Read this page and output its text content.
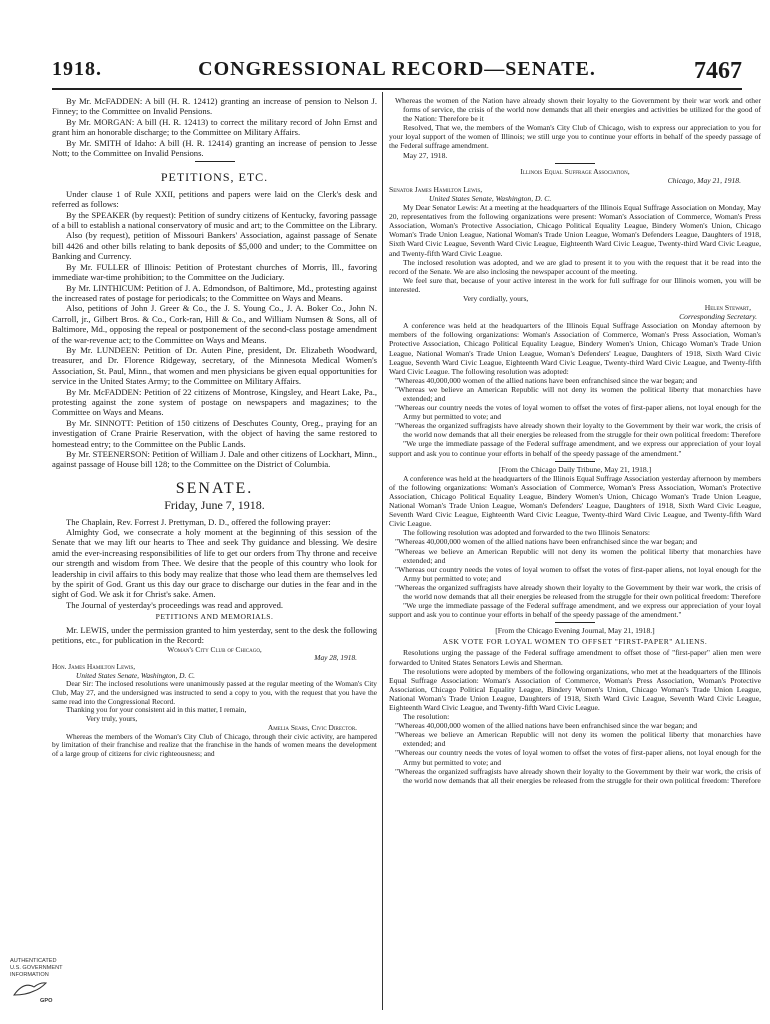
1918.	CONGRESSIONAL RECORD—SENATE.	7467

By Mr. McFADDEN: A bill (H. R. 12412) granting an increase of pension to Nelson J. Finney; to the Committee on Invalid Pensions.

By Mr. MORGAN: A bill (H. R. 12413) to correct the military record of John Ernst and grant him an honorable discharge; to the Committee on Military Affairs.

By Mr. SMITH of Idaho: A bill (H. R. 12414) granting an increase of pension to Jesse Nott; to the Committee on Invalid Pensions.

PETITIONS, ETC.

Under clause 1 of Rule XXII, petitions and papers were laid on the Clerk's desk and referred as follows:

By the SPEAKER (by request): Petition of sundry citizens of Kentucky, favoring passage of a bill to establish a national conservatory of music and art; to the Committee on the Library.

Also (by request), petition of Missouri Bankers' Association, against passage of Senate bill 4426 and other bills relating to bank deposits of $5,000 and under; to the Committee on Banking and Currency.

By Mr. FULLER of Illinois: Petition of Protestant churches of Morris, Ill., favoring immediate war-time prohibition; to the Committee on the Judiciary.

By Mr. LINTHICUM: Petition of J. A. Edmondson, of Baltimore, Md., protesting against the increased rates of postage for periodicals; to the Committee on Ways and Means.

Also, petitions of John J. Greer & Co., the J. S. Young Co., J. A. Boker Co., John N. Carroll, jr., Gilbert Bros. & Co., Cork-ran, Hill & Co., and William Numsen & Sons, all of Baltimore, Md., opposing the repeal or postponement of the second-class postage amendment of the war-revenue act; to the Committee on Ways and Means.

By Mr. LUNDEEN: Petition of Dr. Auten Pine, president, Dr. Elizabeth Woodward, treasurer, and Dr. Florence Ridgeway, secretary, of the Minnesota Medical Women's Association, St. Paul, Minn., that women and men physicians be given equal opportunities for service in the United States Army; to the Committee on Military Affairs.

By Mr. McFADDEN: Petition of 22 citizens of Montrose, Kingsley, and Heart Lake, Pa., protesting against the zone system of postage on newspapers and magazines; to the Committee on Ways and Means.

By Mr. SINNOTT: Petition of 150 citizens of Deschutes County, Oreg., praying for an investigation of Crane Prairie Reservation, with the object of having the same restored to homestead entry; to the Committee on the Public Lands.

By Mr. STEENERSON: Petition of William J. Dale and other citizens of Lockhart, Minn., against passage of House bill 128; to the Committee on the District of Columbia.

SENATE.

Friday, June 7, 1918.

The Chaplain, Rev. Forrest J. Prettyman, D. D., offered the following prayer:

Almighty God, we consecrate a holy moment at the beginning of this session of the Senate that we may lift our hearts to Thee and seek Thy guidance and blessing. We desire amid the ever-increasing responsibilities of life to get our orders from Thy throne and receive our strength and wisdom from Thee. We desire that the people of this country who look for leadership in civil affairs to this body may realize that those who lead them are themselves led by the spirit of God. Grant us this day our grace to discharge our duties in the fear and in the sight of God. We ask it for Christ's sake. Amen.

The Journal of yesterday's proceedings was read and approved.

PETITIONS AND MEMORIALS.

Mr. LEWIS, under the permission granted to him yesterday, sent to the desk the following petitions, etc., for publication in the Record:

Woman's City Club of Chicago,

May 28, 1918.

Hon. James Hamilton Lewis,

United States Senate, Washington, D. C.

Dear Sir: The inclosed resolutions were unanimously passed at the regular meeting of the Woman's City Club, May 27, and the undersigned was instructed to send a copy to you, with the request that you have the same read into the Congressional Record.

Thanking you for your consistent aid in this matter, I remain,

Very truly, yours,

Amelia Sears, Civic Director.

Whereas the members of the Woman's City Club of Chicago, through their civic activity, are hampered by limitation of their franchise and realize that the franchise in the hands of women means the development of a large group of citizens for civic righteousness; and

Whereas the women of the Nation have already shown their loyalty to the Government by their war work and other forms of service, the crisis of the world now demands that all their energies and activities be utilized for the good of the Nation: Therefore be it

Resolved, That we, the members of the Woman's City Club of Chicago, wish to express our appreciation to you for your loyal support of the women of Illinois; we still urge you to continue your efforts in behalf of the speedy passage of the Federal suffrage amendment.

May 27, 1918.

Illinois Equal Suffrage Association,

Chicago, May 21, 1918.

Senator James Hamilton Lewis,

United States Senate, Washington, D. C.

My Dear Senator Lewis: At a meeting at the headquarters of the Illinois Equal Suffrage Association on Monday, May 20, representatives from the following organizations were present: Woman's Association of Commerce, Woman's Press Association, Woman's Protective Association, Chicago Political Equality League, Bindery Women's Union, Chicago Woman's Trade Union League, National Woman's Trade Union League, Woman's Defenders League, Daughters of 1918, Sixth Ward Civic League, Seventh Ward Civic League, Eighteenth Ward Civic League, Twenty-third Ward Civic League, and Twenty-fifth Ward Civic League.

The inclosed resolution was adopted, and we are glad to present it to you with the request that it be read into the record of the Senate. We are also inclosing the newspaper account of the meeting.

We feel sure that, because of your active interest in the work for full suffrage for our Illinois women, you will be interested.

Very cordially, yours,

Helen Stewart,

Corresponding Secretary.

A conference was held at the headquarters of the Illinois Equal Suffrage Association on Monday afternoon by members of the following organizations: Woman's Association of Commerce, Woman's Press Association, Woman's Protective Association, Chicago Political Equality League, Bindery Women's Union, Chicago Woman's Trade Union League, National Woman's Trade Union League, Woman's Defenders' League, Daughters of 1918, Sixth Ward Civic League, Seventh Ward Civic League, Eighteenth Ward Civic League, Twenty-third Ward Civic League, and Twenty-fifth Ward Civic League. The following resolution was adopted:

"Whereas 40,000,000 women of the allied nations have been enfranchised since the war began; and

"Whereas we believe an American Republic will not deny its women the political liberty that monarchies have extended; and

"Whereas our country needs the votes of loyal women to offset the votes of first-paper aliens, not loyal enough for the Army but permitted to vote; and

"Whereas the organized suffragists have already shown their loyalty to the Government by their war work, the crisis of the world now demands that all their energies be released from the struggle for their own political freedom: Therefore

"We urge the immediate passage of the Federal suffrage amendment, and we express our appreciation of your loyal support and ask you to continue your efforts in behalf of the speedy passage of the amendment."

[From the Chicago Daily Tribune, May 21, 1918.]

A conference was held at the headquarters of the Illinois Equal Suffrage Association yesterday afternoon by members of the following organizations: Woman's Association of Commerce, Woman's Press Association, Woman's Protective Association, Chicago Political Equality League, Bindery Women's Union, Chicago Woman's Trade Union League, National Woman's Trade Union League, Woman's Defenders' League, Daughters of 1918, Sixth Ward Civic League, Seventh Ward Civic League, Eighteenth Ward Civic League, Twenty-third Ward Civic League, and Twenty-fifth Ward Civic League.

The following resolution was adopted and forwarded to the two Illinois Senators:

"Whereas 40,000,000 women of the allied nations have been enfranchised since the war began; and

"Whereas we believe an American Republic will not deny its women the political liberty that monarchies have extended; and

"Whereas our country needs the votes of loyal women to offset the votes of first-paper aliens, not loyal enough for the Army but permitted to vote; and

"Whereas the organized suffragists have already shown their loyalty to the Government by their war work, the crisis of the world now demands that all their energies be released from the struggle for their own political freedom: Therefore

"We urge the immediate passage of the Federal suffrage amendment, and we express our appreciation of your loyal support and ask you to continue your efforts in behalf of the speedy passage of the amendment."

[From the Chicago Evening Journal, May 21, 1918.]

ASK VOTE FOR LOYAL WOMEN TO OFFSET "FIRST-PAPER" ALIENS.

Resolutions urging the passage of the Federal suffrage amendment to offset those of "first-paper" alien men were forwarded to United States Senators Lewis and Sherman.

The resolutions were adopted by members of the following organizations, who met at the headquarters of the Illinois Equal Suffrage Association: Woman's Association of Commerce, Woman's Press Association, Woman's Protective Association, Chicago Political Equality League, Bindery Women's Union, Chicago Woman's Trade Union League, National Woman's Trade Union League, Daughters of 1918, Sixth Ward Civic League, Seventh Ward Civic League, Eighteenth Ward Civic League, and Twenty-fifth Ward Civic League.

The resolution:

"Whereas 40,000,000 women of the allied nations have been enfranchised since the war began; and

"Whereas we believe an American Republic will not deny its women the political liberty that monarchies have extended; and

"Whereas our country needs the votes of loyal women to offset the votes of first-paper aliens, not loyal enough for the Army but permitted to vote; and

"Whereas the organized suffragists have already shown their loyalty to the Government by their war work, the crisis of the world now demands that all their energies be released from the struggle for their own political freedom: Therefore

AUTHENTICATED
U.S. GOVERNMENT
INFORMATION
GPO
